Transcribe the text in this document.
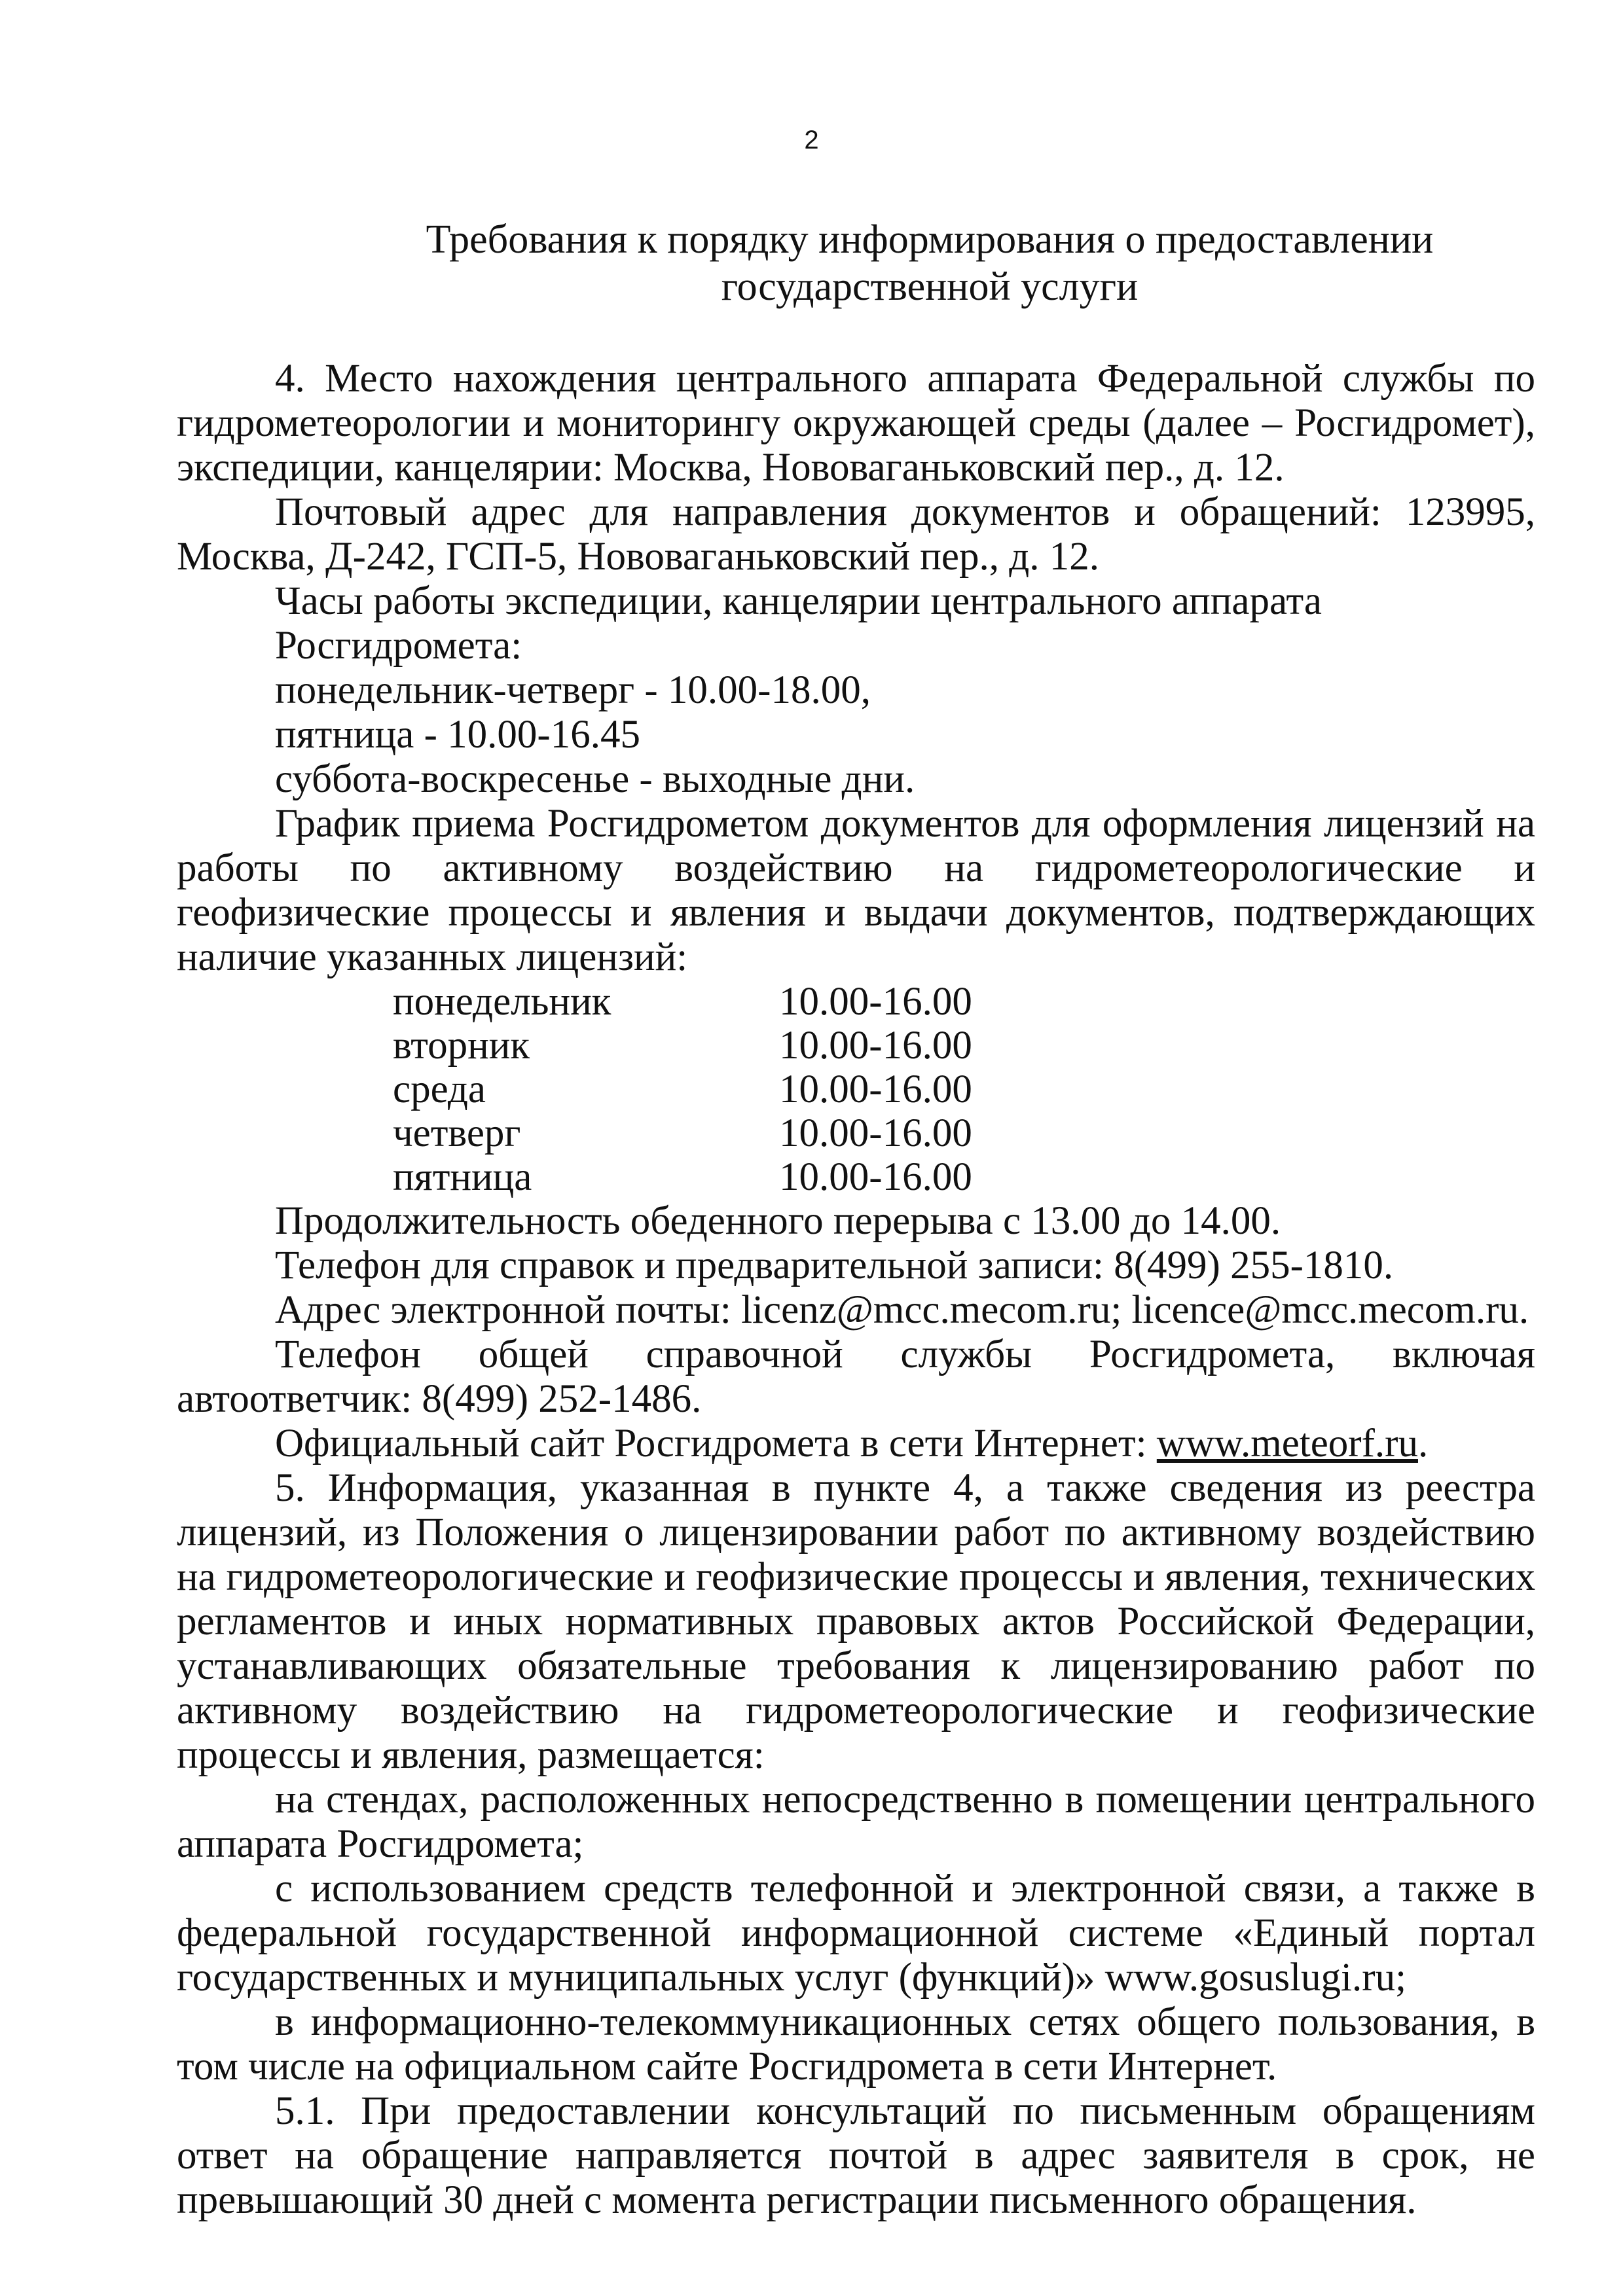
2
Требования к порядку информирования о предоставлении государственной услуги

4. Место нахождения центрального аппарата Федеральной службы по гидрометеорологии и мониторингу окружающей среды (далее – Росгидромет), экспедиции, канцелярии: Москва, Нововаганьковский пер., д. 12.

Почтовый адрес для направления документов и обращений: 123995, Москва, Д-242, ГСП-5, Нововаганьковский пер., д. 12.

Часы работы экспедиции, канцелярии центрального аппарата Росгидромета:

понедельник-четверг - 10.00-18.00,

пятница - 10.00-16.45

суббота-воскресенье - выходные дни.

График приема Росгидрометом документов для оформления лицензий на работы по активному воздействию на гидрометеорологические и геофизические процессы и явления и выдачи документов, подтверждающих наличие указанных лицензий:

понедельник	10.00-16.00
вторник	10.00-16.00
среда	10.00-16.00
четверг	10.00-16.00
пятница	10.00-16.00

Продолжительность обеденного перерыва с 13.00 до 14.00.

Телефон для справок и предварительной записи: 8(499) 255-1810.

Адрес электронной почты: licenz@mcc.mecom.ru; licence@mcc.mecom.ru.

Телефон общей справочной службы Росгидромета, включая автоответчик: 8(499) 252-1486.

Официальный сайт Росгидромета в сети Интернет: www.meteorf.ru.

5. Информация, указанная в пункте 4, а также сведения из реестра лицензий, из Положения о лицензировании работ по активному воздействию на гидрометеорологические и геофизические процессы и явления, технических регламентов и иных нормативных правовых актов Российской Федерации, устанавливающих обязательные требования к лицензированию работ по активному воздействию на гидрометеорологические и геофизические процессы и явления, размещается:

на стендах, расположенных непосредственно в помещении центрального аппарата Росгидромета;

с использованием средств телефонной и электронной связи, а также в федеральной государственной информационной системе «Единый портал государственных и муниципальных услуг (функций)» www.gosuslugi.ru;

в информационно-телекоммуникационных сетях общего пользования, в том числе на официальном сайте Росгидромета в сети Интернет.

5.1. При предоставлении консультаций по письменным обращениям ответ на обращение направляется почтой в адрес заявителя в срок, не превышающий 30 дней с момента регистрации письменного обращения.
